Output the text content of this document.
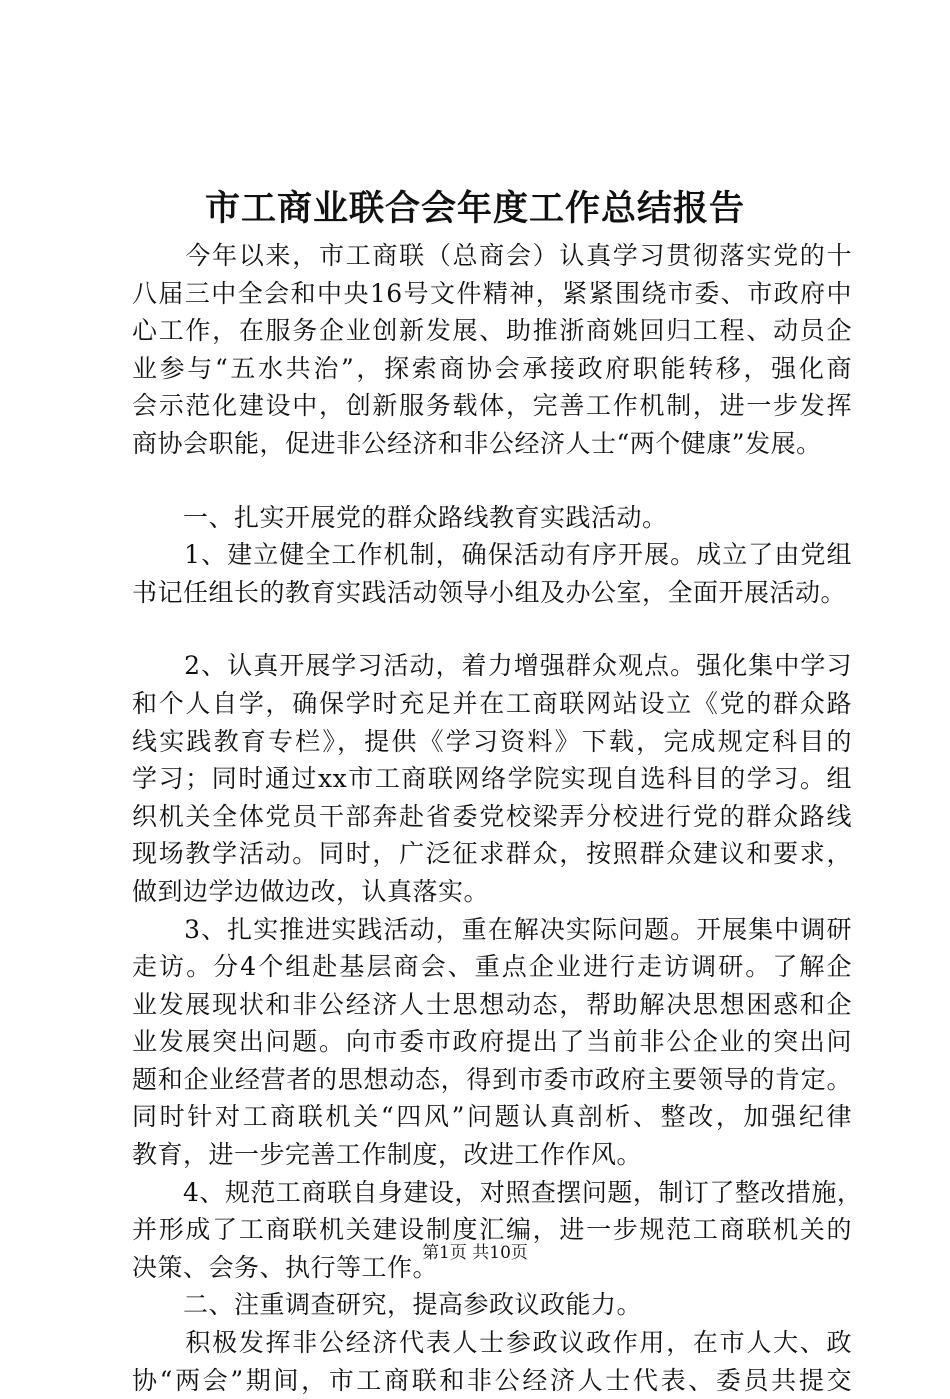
市工商业联合会年度工作总结报告
　　今年以来，市工商联（总商会）认真学习贯彻落实党的十
八届三中全会和中央16号文件精神，紧紧围绕市委、市政府中
心工作，在服务企业创新发展、助推浙商姚回归工程、动员企
业参与“五水共治”，探索商协会承接政府职能转移，强化商
会示范化建设中，创新服务载体，完善工作机制，进一步发挥
商协会职能，促进非公经济和非公经济人士“两个健康”发展。
　　一、扎实开展党的群众路线教育实践活动。
　　1、建立健全工作机制，确保活动有序开展。成立了由党组
书记任组长的教育实践活动领导小组及办公室，全面开展活动。
　　2、认真开展学习活动，着力增强群众观点。强化集中学习
和个人自学，确保学时充足并在工商联网站设立《党的群众路
线实践教育专栏》，提供《学习资料》下载，完成规定科目的
学习；同时通过xx市工商联网络学院实现自选科目的学习。组
织机关全体党员干部奔赴省委党校梁弄分校进行党的群众路线
现场教学活动。同时，广泛征求群众，按照群众建议和要求，
做到边学边做边改，认真落实。
　　3、扎实推进实践活动，重在解决实际问题。开展集中调研
走访。分4个组赴基层商会、重点企业进行走访调研。了解企
业发展现状和非公经济人士思想动态，帮助解决思想困惑和企
业发展突出问题。向市委市政府提出了当前非公企业的突出问
题和企业经营者的思想动态，得到市委市政府主要领导的肯定。
同时针对工商联机关“四风”问题认真剖析、整改，加强纪律
教育，进一步完善工作制度，改进工作作风。
　　4、规范工商联自身建设，对照查摆问题，制订了整改措施，
并形成了工商联机关建设制度汇编，进一步规范工商联机关的
决策、会务、执行等工作。
　　二、注重调查研究，提高参政议政能力。
　　积极发挥非公经济代表人士参政议政作用，在市人大、政
协“两会”期间，市工商联和非公经济人士代表、委员共提交
第1页 共10页
